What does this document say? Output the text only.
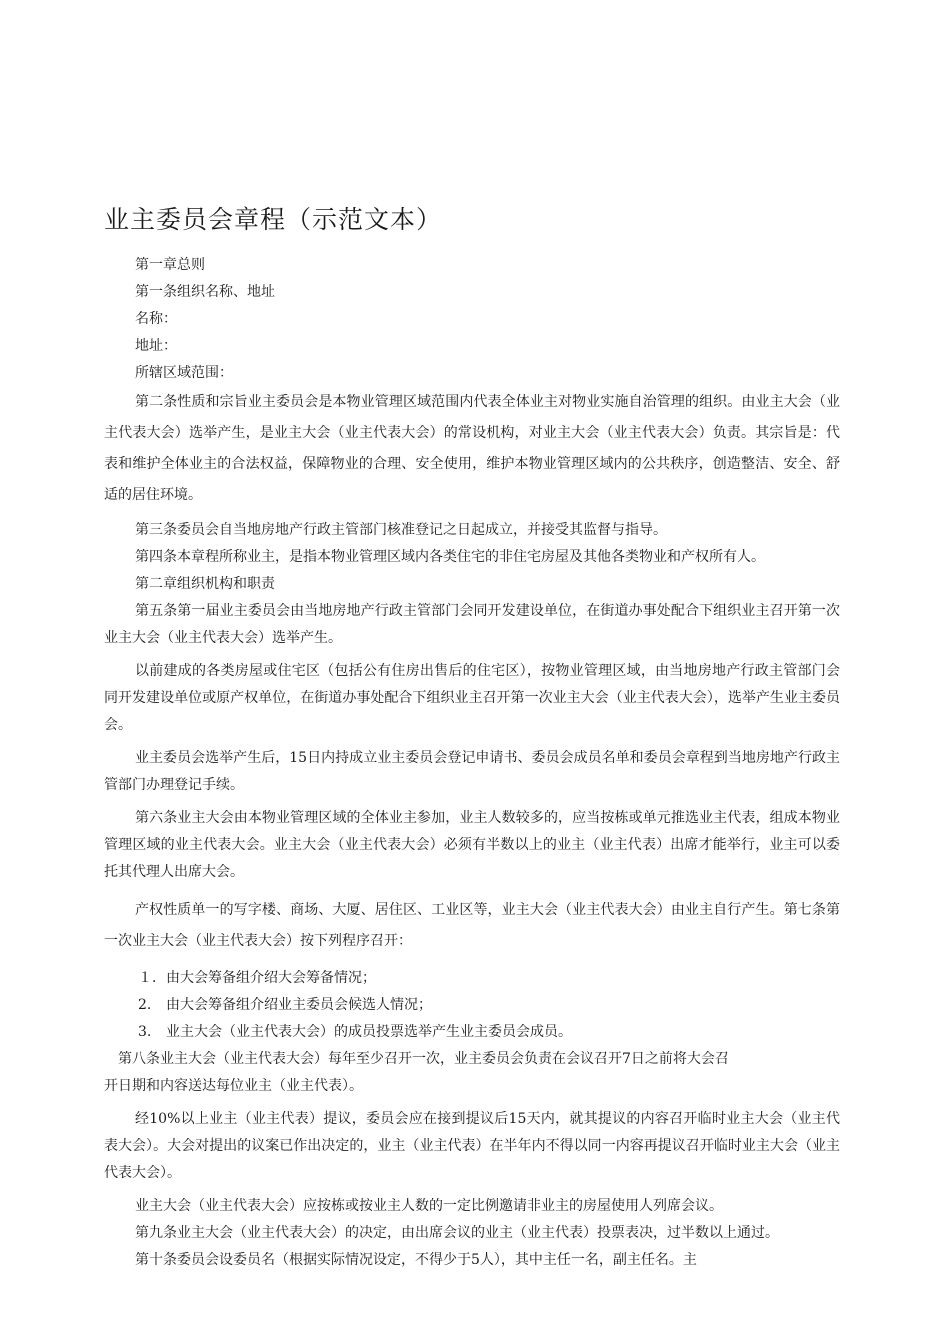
业主委员会章程（示范文本）

第一章总则

第一条组织名称、地址

名称：

地址：

所辖区域范围：

第二条性质和宗旨业主委员会是本物业管理区域范围内代表全体业主对物业实施自治管理的组织。由业主大会（业主代表大会）选举产生，是业主大会（业主代表大会）的常设机构，对业主大会（业主代表大会）负责。其宗旨是：代表和维护全体业主的合法权益，保障物业的合理、安全使用，维护本物业管理区域内的公共秩序，创造整洁、安全、舒适的居住环境。

第三条委员会自当地房地产行政主管部门核准登记之日起成立，并接受其监督与指导。

第四条本章程所称业主，是指本物业管理区域内各类住宅的非住宅房屋及其他各类物业和产权所有人。

第二章组织机构和职责

第五条第一届业主委员会由当地房地产行政主管部门会同开发建设单位，在街道办事处配合下组织业主召开第一次业主大会（业主代表大会）选举产生。

以前建成的各类房屋或住宅区（包括公有住房出售后的住宅区），按物业管理区域，由当地房地产行政主管部门会同开发建设单位或原产权单位，在街道办事处配合下组织业主召开第一次业主大会（业主代表大会），选举产生业主委员会。

业主委员会选举产生后，15日内持成立业主委员会登记申请书、委员会成员名单和委员会章程到当地房地产行政主管部门办理登记手续。

第六条业主大会由本物业管理区域的全体业主参加，业主人数较多的，应当按栋或单元推选业主代表，组成本物业管理区域的业主代表大会。业主大会（业主代表大会）必须有半数以上的业主（业主代表）出席才能举行，业主可以委托其代理人出席大会。

产权性质单一的写字楼、商场、大厦、居住区、工业区等，业主大会（业主代表大会）由业主自行产生。第七条第一次业主大会（业主代表大会）按下列程序召开：

１．由大会筹备组介绍大会筹备情况；
2. 由大会筹备组介绍业主委员会候选人情况；
3. 业主大会（业主代表大会）的成员投票选举产生业主委员会成员。

第八条业主大会（业主代表大会）每年至少召开一次，业主委员会负责在会议召开7日之前将大会召

开日期和内容送达每位业主（业主代表）。

经10%以上业主（业主代表）提议，委员会应在接到提议后15天内，就其提议的内容召开临时业主大会（业主代表大会）。大会对提出的议案已作出决定的，业主（业主代表）在半年内不得以同一内容再提议召开临时业主大会（业主代表大会）。

业主大会（业主代表大会）应按栋或按业主人数的一定比例邀请非业主的房屋使用人列席会议。

第九条业主大会（业主代表大会）的决定，由出席会议的业主（业主代表）投票表决，过半数以上通过。

第十条委员会设委员名（根据实际情况设定，不得少于5人），其中主任一名，副主任名。主
